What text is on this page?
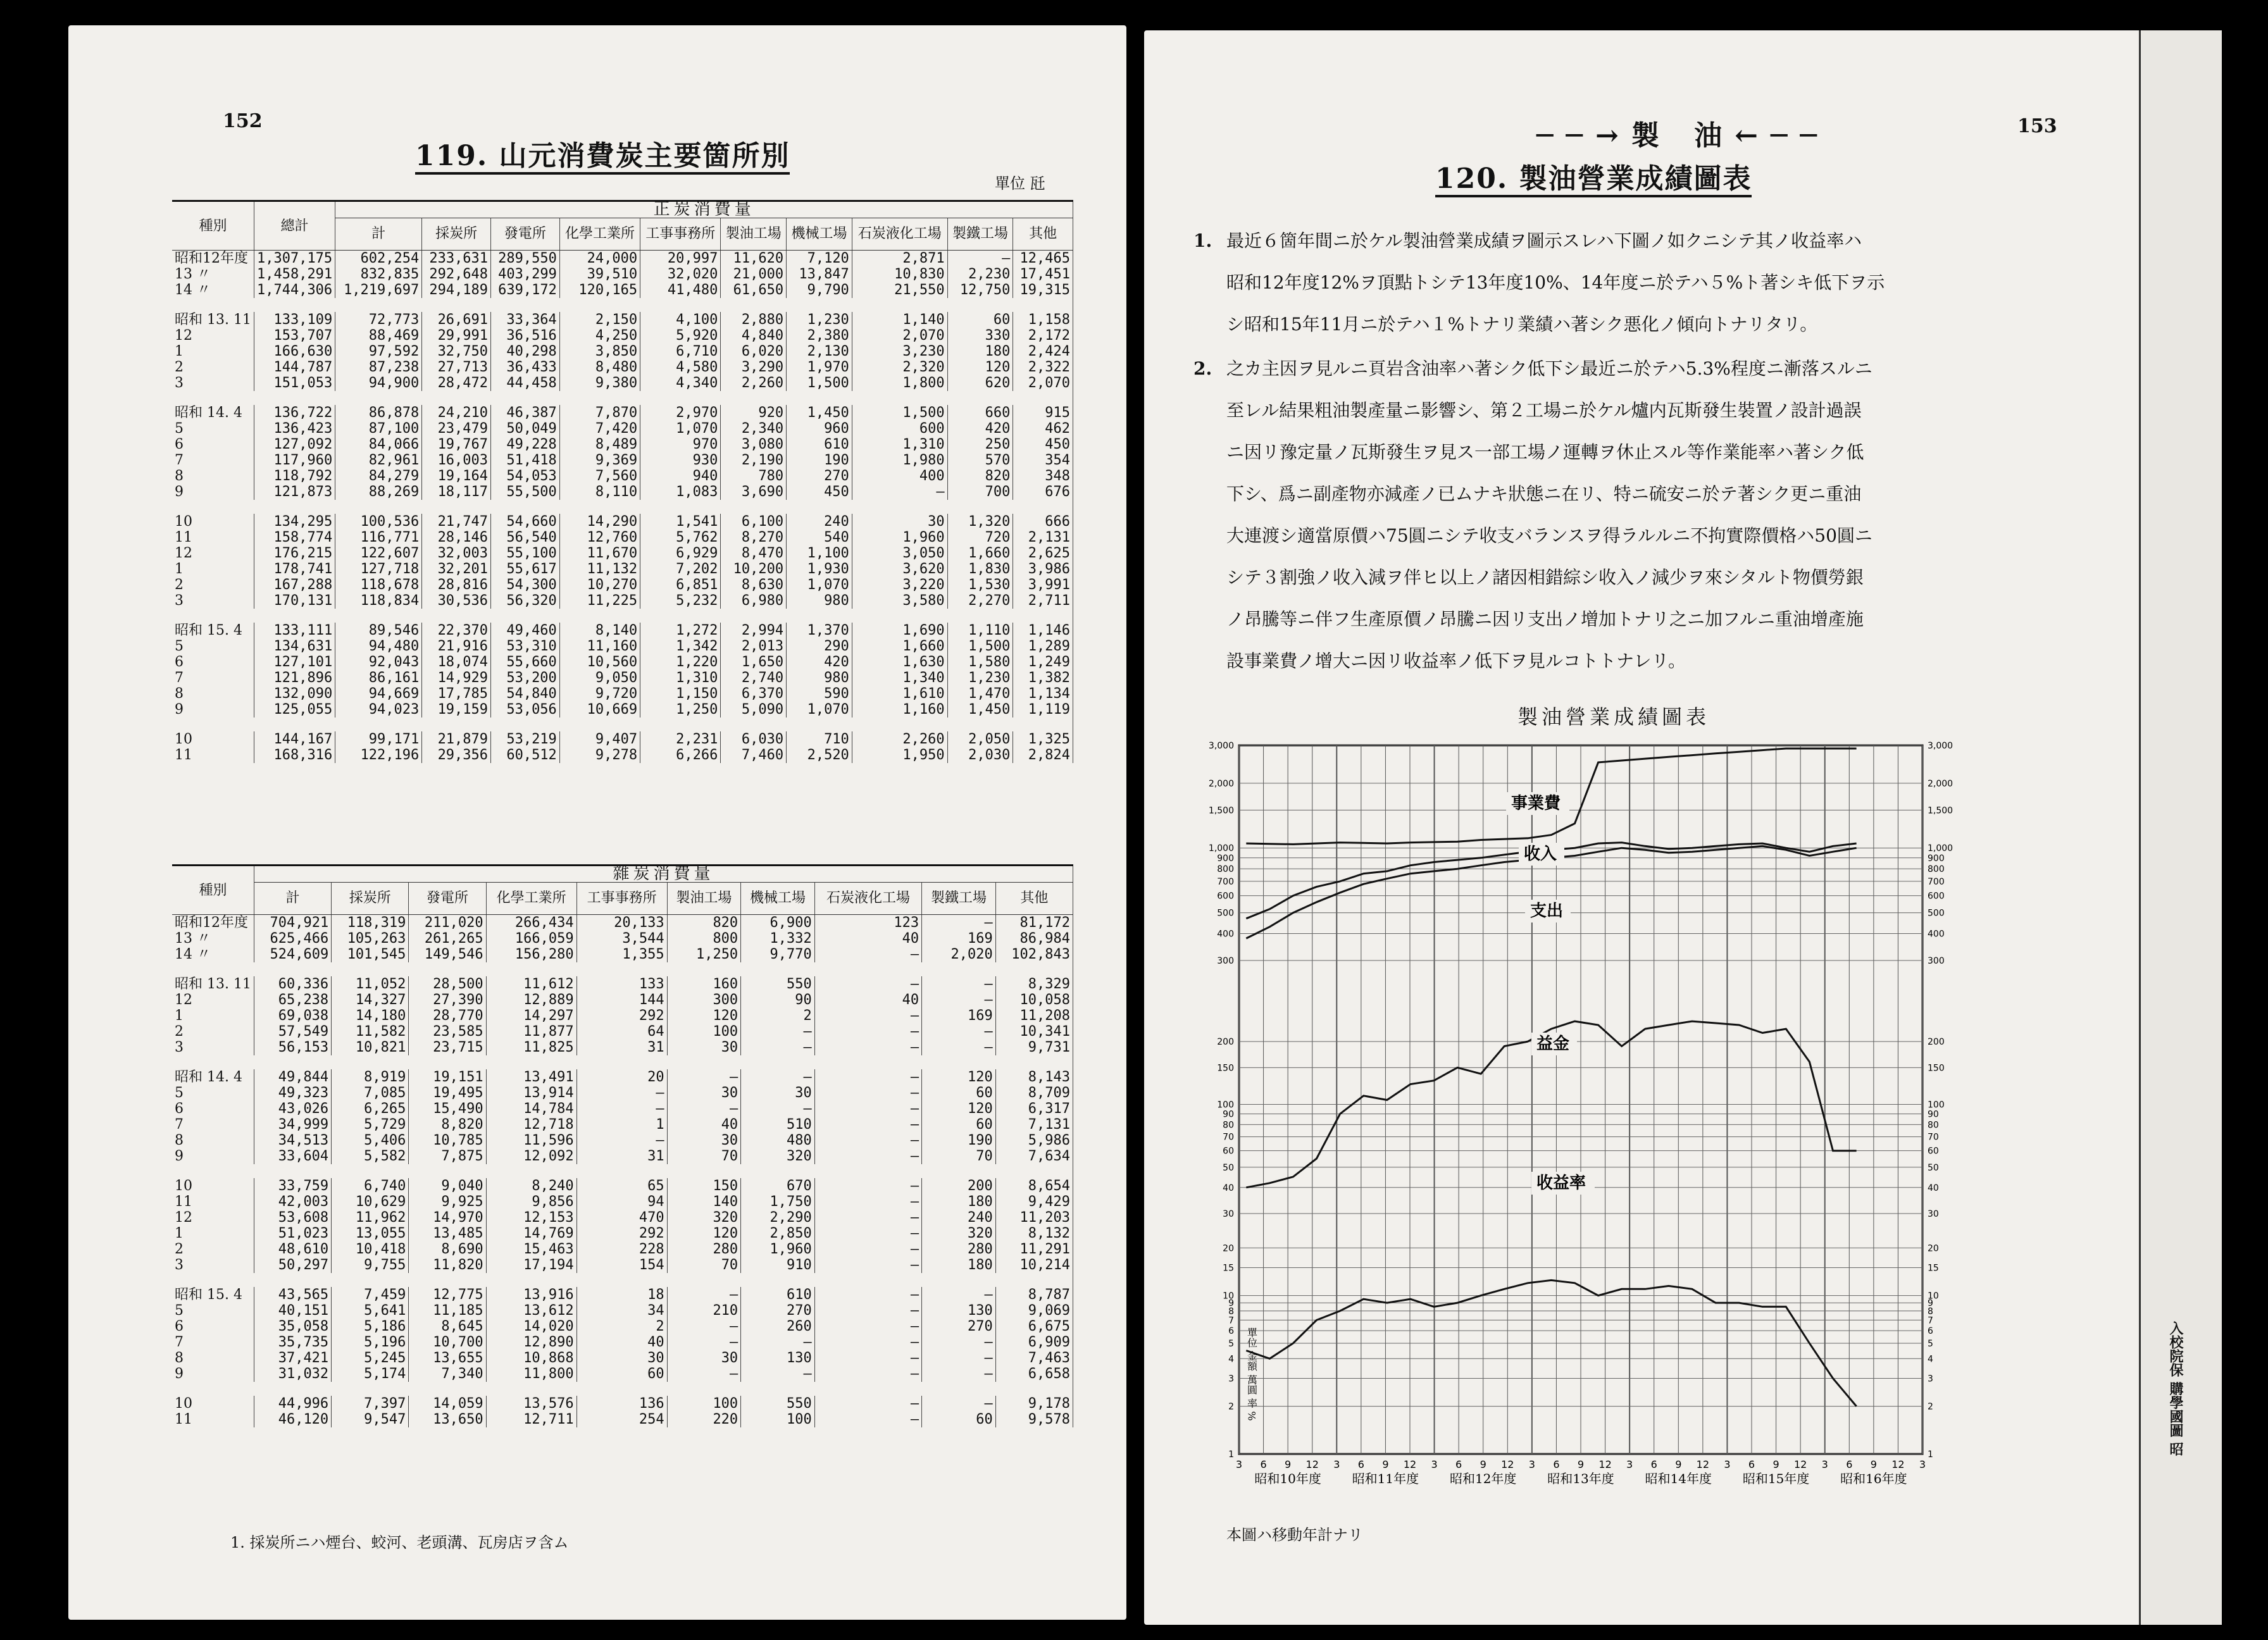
152
119. 山元消費炭主要箇所別
單位 瓩
種別	總計	正炭消費量									
		計	採炭所	發電所	化學工業所	工事事務所	製油工場	機械工場	石炭液化工場	製鐵工場	其他
昭和12年度	1,307,175	602,254	233,631	289,550	24,000	20,997	11,620	7,120	2,871	—	12,465
13 〃	1,458,291	832,835	292,648	403,299	39,510	32,020	21,000	13,847	10,830	2,230	17,451
14 〃	1,744,306	1,219,697	294,189	639,172	120,165	41,480	61,650	9,790	21,550	12,750	19,315

昭和 13. 11	133,109	72,773	26,691	33,364	2,150	4,100	2,880	1,230	1,140	60	1,158
12	153,707	88,469	29,991	36,516	4,250	5,920	4,840	2,380	2,070	330	2,172
1	166,630	97,592	32,750	40,298	3,850	6,710	6,020	2,130	3,230	180	2,424
2	144,787	87,238	27,713	36,433	8,480	4,580	3,290	1,970	2,320	120	2,322
3	151,053	94,900	28,472	44,458	9,380	4,340	2,260	1,500	1,800	620	2,070

昭和 14. 4	136,722	86,878	24,210	46,387	7,870	2,970	920	1,450	1,500	660	915
5	136,423	87,100	23,479	50,049	7,420	1,070	2,340	960	600	420	462
6	127,092	84,066	19,767	49,228	8,489	970	3,080	610	1,310	250	450
7	117,960	82,961	16,003	51,418	9,369	930	2,190	190	1,980	570	354
8	118,792	84,279	19,164	54,053	7,560	940	780	270	400	820	348
9	121,873	88,269	18,117	55,500	8,110	1,083	3,690	450	—	700	676

10	134,295	100,536	21,747	54,660	14,290	1,541	6,100	240	30	1,320	666
11	158,774	116,771	28,146	56,540	12,760	5,762	8,270	540	1,960	720	2,131
12	176,215	122,607	32,003	55,100	11,670	6,929	8,470	1,100	3,050	1,660	2,625
1	178,741	127,718	32,201	55,617	11,132	7,202	10,200	1,930	3,620	1,830	3,986
2	167,288	118,678	28,816	54,300	10,270	6,851	8,630	1,070	3,220	1,530	3,991
3	170,131	118,834	30,536	56,320	11,225	5,232	6,980	980	3,580	2,270	2,711

昭和 15. 4	133,111	89,546	22,370	49,460	8,140	1,272	2,994	1,370	1,690	1,110	1,146
5	134,631	94,480	21,916	53,310	11,160	1,342	2,013	290	1,660	1,500	1,289
6	127,101	92,043	18,074	55,660	10,560	1,220	1,650	420	1,630	1,580	1,249
7	121,896	86,161	14,929	53,200	9,050	1,310	2,740	980	1,340	1,230	1,382
8	132,090	94,669	17,785	54,840	9,720	1,150	6,370	590	1,610	1,470	1,134
9	125,055	94,023	19,159	53,056	10,669	1,250	5,090	1,070	1,160	1,450	1,119

10	144,167	99,171	21,879	53,219	9,407	2,231	6,030	710	2,260	2,050	1,325
11	168,316	122,196	29,356	60,512	9,278	6,266	7,460	2,520	1,950	2,030	2,824
種別	雜炭消費量									
	計	採炭所	發電所	化學工業所	工事事務所	製油工場	機械工場	石炭液化工場	製鐵工場	其他
昭和12年度	704,921	118,319	211,020	266,434	20,133	820	6,900	123	—	81,172
13 〃	625,466	105,263	261,265	166,059	3,544	800	1,332	40	169	86,984
14 〃	524,609	101,545	149,546	156,280	1,355	1,250	9,770	—	2,020	102,843

昭和 13. 11	60,336	11,052	28,500	11,612	133	160	550	—	—	8,329
12	65,238	14,327	27,390	12,889	144	300	90	40	—	10,058
1	69,038	14,180	28,770	14,297	292	120	2	—	169	11,208
2	57,549	11,582	23,585	11,877	64	100	—	—	—	10,341
3	56,153	10,821	23,715	11,825	31	30	—	—	—	9,731

昭和 14. 4	49,844	8,919	19,151	13,491	20	—	—	—	120	8,143
5	49,323	7,085	19,495	13,914	—	30	30	—	60	8,709
6	43,026	6,265	15,490	14,784	—	—	—	—	120	6,317
7	34,999	5,729	8,820	12,718	1	40	510	—	60	7,131
8	34,513	5,406	10,785	11,596	—	30	480	—	190	5,986
9	33,604	5,582	7,875	12,092	31	70	320	—	70	7,634

10	33,759	6,740	9,040	8,240	65	150	670	—	200	8,654
11	42,003	10,629	9,925	9,856	94	140	1,750	—	180	9,429
12	53,608	11,962	14,970	12,153	470	320	2,290	—	240	11,203
1	51,023	13,055	13,485	14,769	292	120	2,850	—	320	8,132
2	48,610	10,418	8,690	15,463	228	280	1,960	—	280	11,291
3	50,297	9,755	11,820	17,194	154	70	910	—	180	10,214

昭和 15. 4	43,565	7,459	12,775	13,916	18	—	610	—	—	8,787
5	40,151	5,641	11,185	13,612	34	210	270	—	130	9,069
6	35,058	5,186	8,645	14,020	2	—	260	—	270	6,675
7	35,735	5,196	10,700	12,890	40	—	—	—	—	6,909
8	37,421	5,245	13,655	10,868	30	30	130	—	—	7,463
9	31,032	5,174	7,340	11,800	60	—	—	—	—	6,658

10	44,996	7,397	14,059	13,576	136	100	550	—	—	9,178
11	46,120	9,547	13,650	12,711	254	220	100	—	60	9,578
1. 採炭所ニハ煙台、蛟河、老頭溝、瓦房店ヲ含ム
──→製 油←──	153
120. 製油營業成績圖表
1. 最近６箇年間ニ於ケル製油營業成績ヲ圖示スレハ下圖ノ如クニシテ其ノ收益率ハ
昭和12年度12%ヲ頂點トシテ13年度10%、14年度ニ於テハ５%ト著シキ低下ヲ示
シ昭和15年11月ニ於テハ１%トナリ業績ハ著シク悪化ノ傾向トナリタリ。
2. 之カ主因ヲ見ルニ頁岩含油率ハ著シク低下シ最近ニ於テハ5.3%程度ニ漸落スルニ
至レル結果粗油製產量ニ影響シ、第２工場ニ於ケル爐内瓦斯發生裝置ノ設計過誤
ニ因リ豫定量ノ瓦斯發生ヲ見ス一部工場ノ運轉ヲ休止スル等作業能率ハ著シク低
下シ、爲ニ副產物亦減產ノ已ムナキ狀態ニ在リ、特ニ硫安ニ於テ著シク更ニ重油
大連渡シ適當原價ハ75圓ニシテ收支バランスヲ得ラルルニ不拘實際價格ハ50圓ニ
シテ３割強ノ收入減ヲ伴ヒ以上ノ諸因相錯綜シ收入ノ減少ヲ來シタルト物價勞銀
ノ昂騰等ニ伴フ生產原價ノ昂騰ニ因リ支出ノ增加トナリ之ニ加フルニ重油增產施
設事業費ノ增大ニ因リ收益率ノ低下ヲ見ルコトトナレリ。
製油營業成績圖表
3 6 9 12 3 6 9 12 3 6 9 12 3 6 9 12 3 6 9 12 3 6 9 12 3 6 9 12 3
昭和10年度 昭和11年度 昭和12年度 昭和13年度 昭和14年度 昭和15年度 昭和16年度
3,000	3,000
2,000	2,000
1,500	1,500
1,000	1,000
900	900
800	800
700	700
600	600
500	500
400	400
300	300
200	200
150	150
100	100
90	90
80	80
70	70
60	60
50	50
40	40
30	30
20	20
15	15
10	10
9	9
8	8
7	7
6	6
5	5
4	4
3	3
2	2
1	1
事業費
收入
支出
益金
收益率
單位 金額 萬圓 率 %
本圖ハ移動年計ナリ
入校院保 購學國圖 昭
